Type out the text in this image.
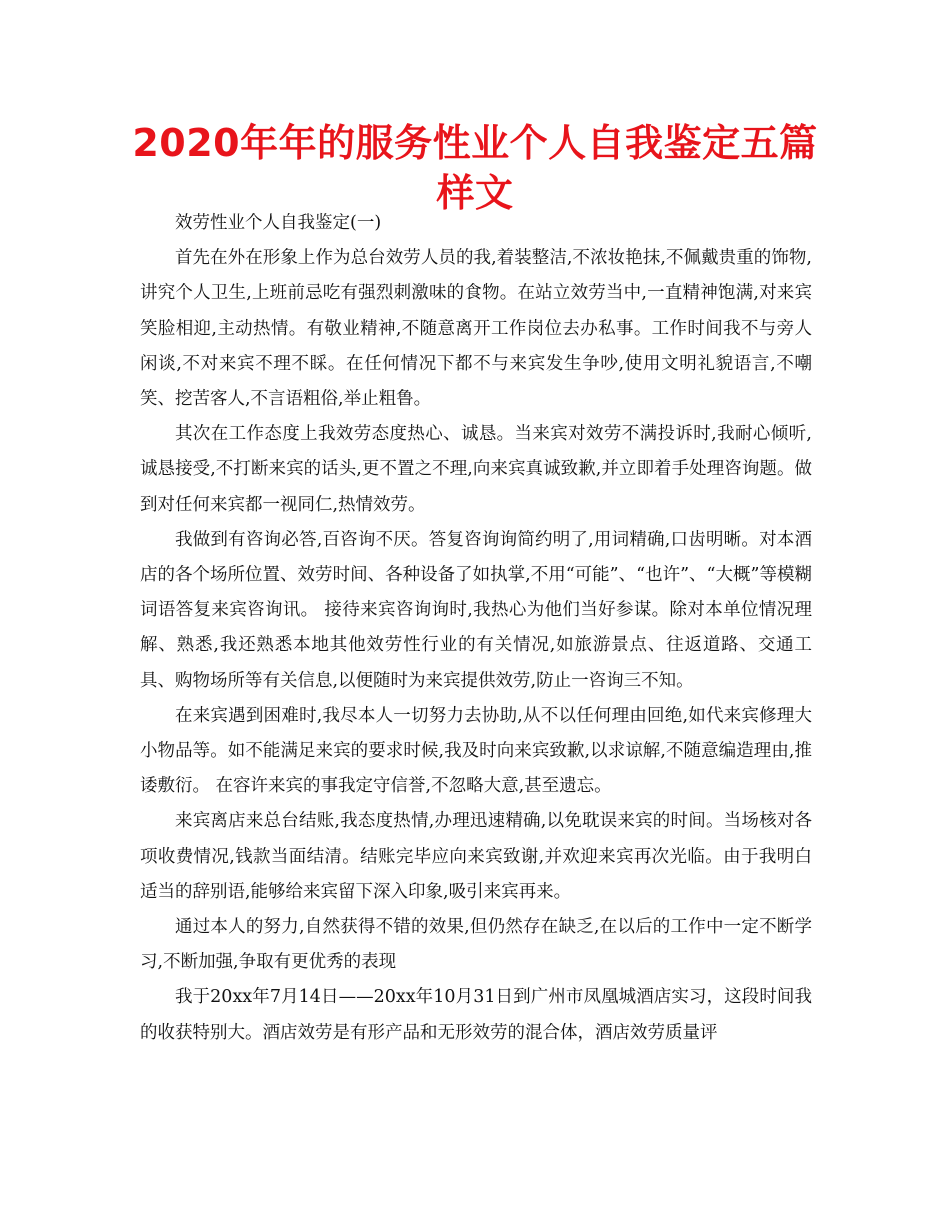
2020年年的服务性业个人自我鉴定五篇样文

效劳性业个人自我鉴定(一)

首先在外在形象上作为总台效劳人员的我,着装整洁,不浓妆艳抹,不佩戴贵重的饰物,讲究个人卫生,上班前忌吃有强烈刺激味的食物。在站立效劳当中,一直精神饱满,对来宾笑脸相迎,主动热情。有敬业精神,不随意离开工作岗位去办私事。工作时间我不与旁人闲谈,不对来宾不理不睬。在任何情况下都不与来宾发生争吵,使用文明礼貌语言,不嘲笑、挖苦客人,不言语粗俗,举止粗鲁。

其次在工作态度上我效劳态度热心、诚恳。当来宾对效劳不满投诉时,我耐心倾听,诚恳接受,不打断来宾的话头,更不置之不理,向来宾真诚致歉,并立即着手处理咨询题。做到对任何来宾都一视同仁,热情效劳。

我做到有咨询必答,百咨询不厌。答复咨询询简约明了,用词精确,口齿明晰。对本酒店的各个场所位置、效劳时间、各种设备了如执掌,不用“可能”、“也许”、“大概”等模糊词语答复来宾咨询讯。 接待来宾咨询询时,我热心为他们当好参谋。除对本单位情况理解、熟悉,我还熟悉本地其他效劳性行业的有关情况,如旅游景点、往返道路、交通工具、购物场所等有关信息,以便随时为来宾提供效劳,防止一咨询三不知。

在来宾遇到困难时,我尽本人一切努力去协助,从不以任何理由回绝,如代来宾修理大小物品等。如不能满足来宾的要求时候,我及时向来宾致歉,以求谅解,不随意编造理由,推诿敷衍。 在容许来宾的事我定守信誉,不忽略大意,甚至遗忘。

来宾离店来总台结账,我态度热情,办理迅速精确,以免耽误来宾的时间。当场核对各项收费情况,钱款当面结清。结账完毕应向来宾致谢,并欢迎来宾再次光临。由于我明白适当的辞别语,能够给来宾留下深入印象,吸引来宾再来。

通过本人的努力,自然获得不错的效果,但仍然存在缺乏,在以后的工作中一定不断学习,不断加强,争取有更优秀的表现

我于20xx年7月14日——20xx年10月31日到广州市凤凰城酒店实习，这段时间我的收获特别大。酒店效劳是有形产品和无形效劳的混合体，酒店效劳质量评
